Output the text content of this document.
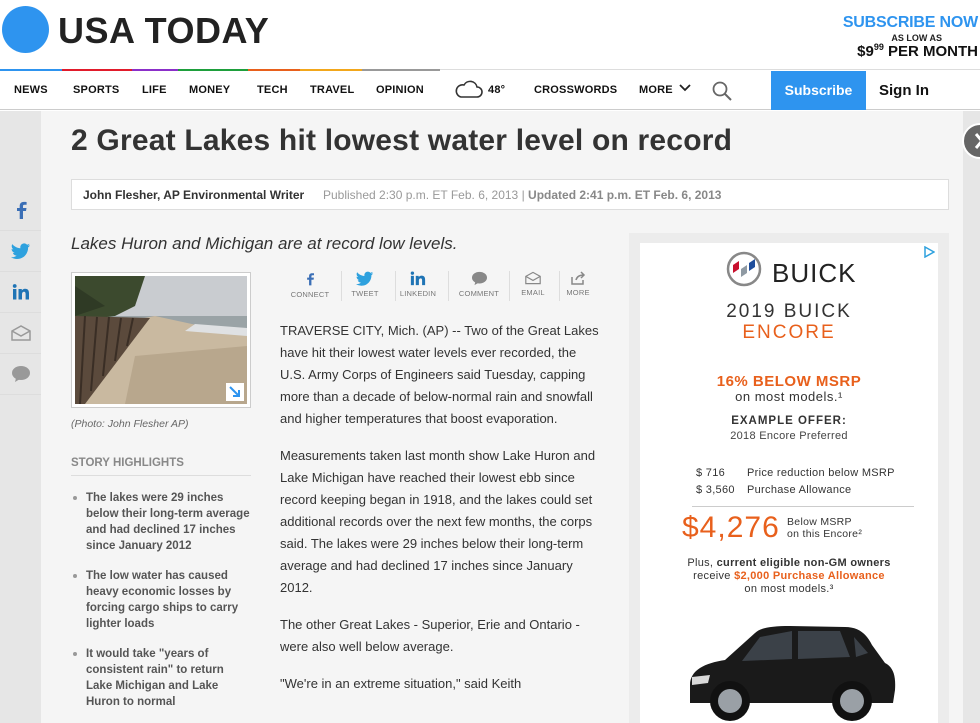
USA TODAY	SUBSCRIBE NOW
AS LOW AS
$\$9^{99}$ PER MONTH
NEWS SPORTS LIFE MONEY TECH TRAVEL OPINION	48°	CROSSWORDS MORE	Subscribe	Sign In
2 Great Lakes hit lowest water level on record
John Flesher, AP Environmental Writer Published 2:30 p.m. ET Feb. 6, 2013 | Updated 2:41 p.m. ET Feb. 6, 2013
Lakes Huron and Michigan are at record low levels.
(Photo: John Flesher AP)
STORY HIGHLIGHTS
The lakes were 29 inches below their long-term average and had declined 17 inches since January 2012
The low water has caused heavy economic losses by forcing cargo ships to carry lighter loads
It would take "years of consistent rain" to return Lake Michigan and Lake Huron to normal
CONNECT	TWEET	LINKEDIN	COMMENT	EMAIL	MORE

TRAVERSE CITY, Mich. (AP) -- Two of the Great Lakes have hit their lowest water levels ever recorded, the U.S. Army Corps of Engineers said Tuesday, capping more than a decade of below-normal rain and snowfall and higher temperatures that boost evaporation.

Measurements taken last month show Lake Huron and Lake Michigan have reached their lowest ebb since record keeping began in 1918, and the lakes could set additional records over the next few months, the corps said. The lakes were 29 inches below their long-term average and had declined 17 inches since January 2012.

The other Great Lakes - Superior, Erie and Ontario - were also well below average.

"We're in an extreme situation," said Keith

BUICK
2019 BUICK
ENCORE
16% BELOW MSRP
on most models.¹
EXAMPLE OFFER:
2018 Encore Preferred
$ 716 Price reduction below MSRP
$ 3,560 Purchase Allowance
$4,276 Below MSRP
on this Encore²
Plus, current eligible non-GM owners
receive $2,000 Purchase Allowance
on most models.³
